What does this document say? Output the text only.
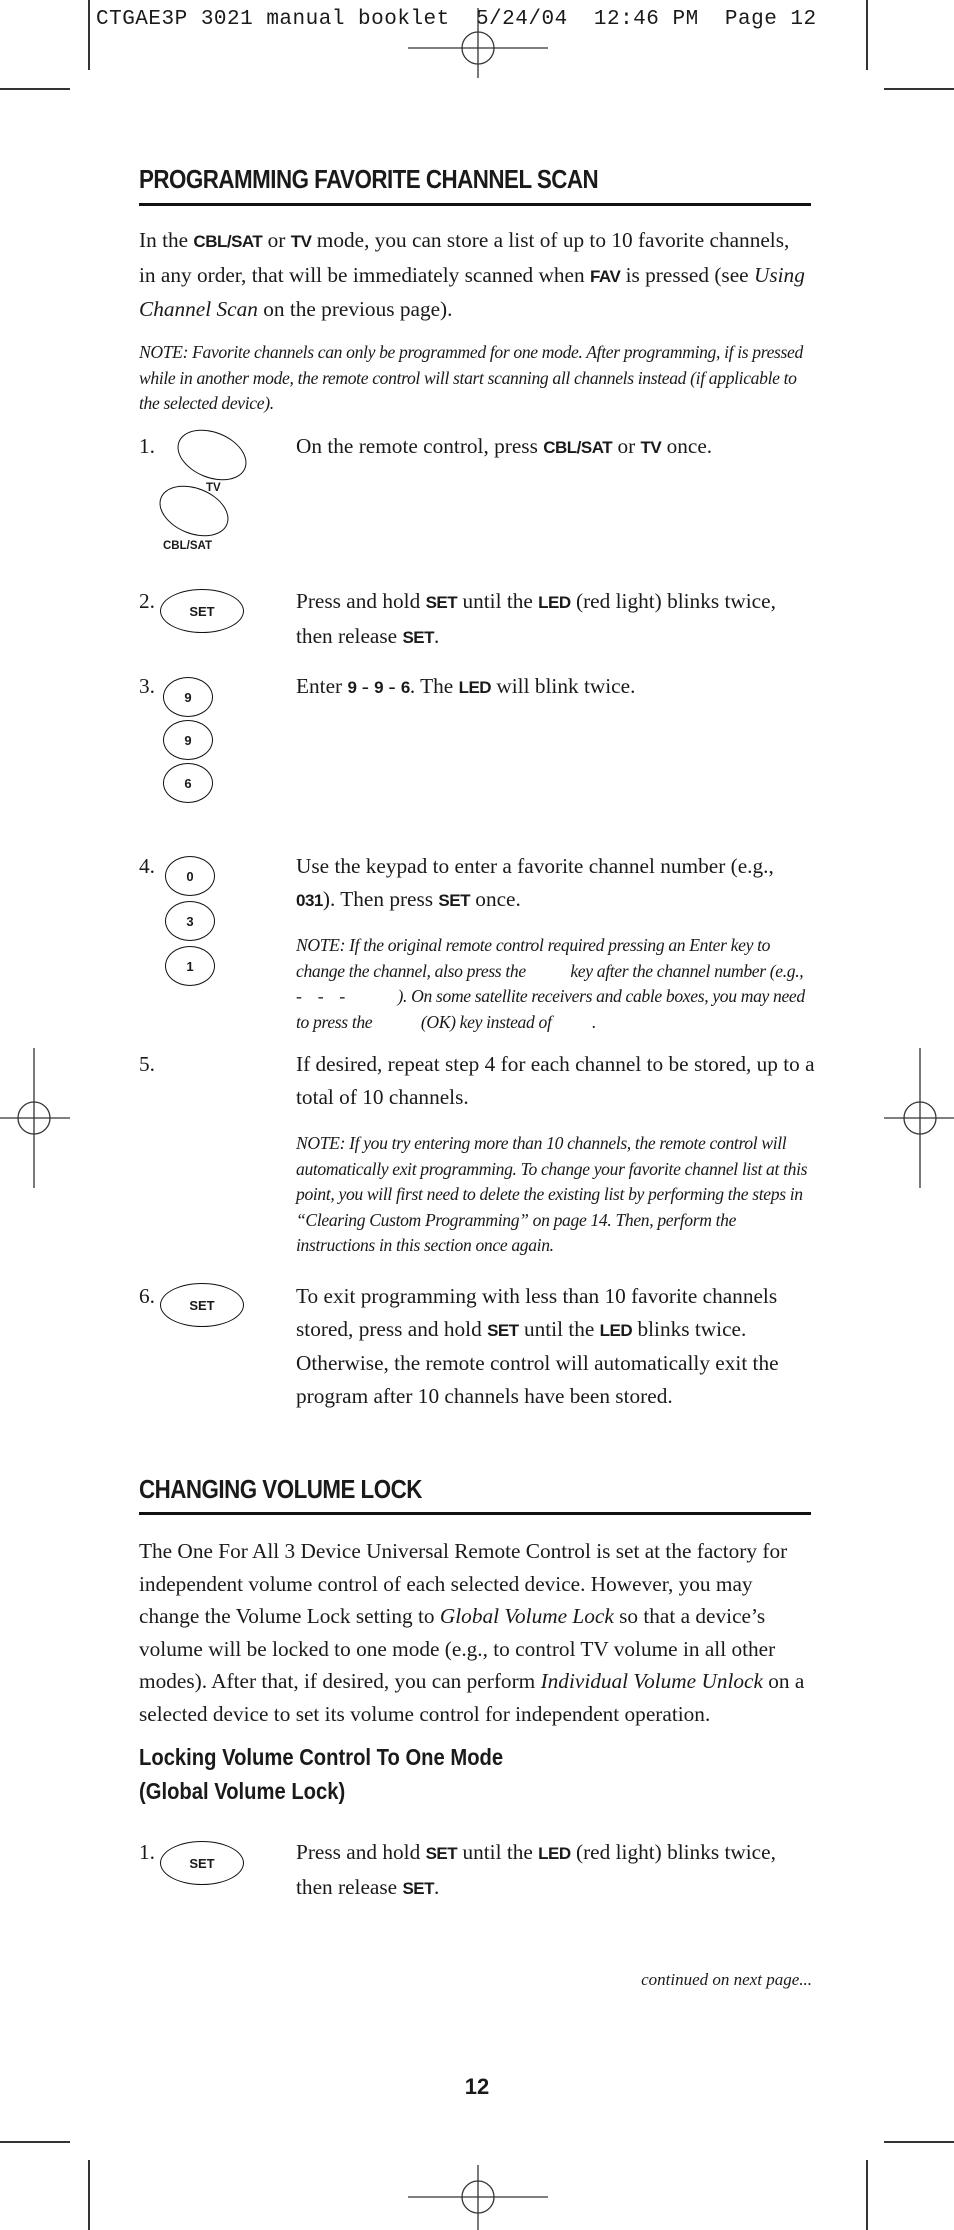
CTGAE3P 3021 manual booklet  5/24/04  12:46 PM  Page 12
PROGRAMMING FAVORITE CHANNEL SCAN
In the CBL/SAT or TV mode, you can store a list of up to 10 favorite channels, in any order, that will be immediately scanned when FAV is pressed (see Using Channel Scan on the previous page).
NOTE: Favorite channels can only be programmed for one mode. After programming, if is pressed while in another mode, the remote control will start scanning all channels instead (if applicable to the selected device).
1.
TV
CBL/SAT
On the remote control, press CBL/SAT or TV once.
2.	SET	Press and hold SET until the LED (red light) blinks twice, then release SET.
3.	9
9
6
Enter 9 - 9 - 6. The LED will blink twice.
4.	0
3
1
Use the keypad to enter a favorite channel number (e.g., 031). Then press SET once.
NOTE: If the original remote control required pressing an Enter key to change the channel, also press the           key after the channel number (e.g.,    -    -    -             ). On some satellite receivers and cable boxes, you may need to press the            (OK) key instead of          .
5.	If desired, repeat step 4 for each channel to be stored, up to a total of 10 channels.
NOTE: If you try entering more than 10 channels, the remote control will automatically exit programming. To change your favorite channel list at this point, you will first need to delete the existing list by performing the steps in “Clearing Custom Programming” on page 14. Then, perform the instructions in this section once again.
6.	SET	To exit programming with less than 10 favorite channels stored, press and hold SET until the LED blinks twice. Otherwise, the remote control will automatically exit the program after 10 channels have been stored.
CHANGING VOLUME LOCK
The One For All 3 Device Universal Remote Control is set at the factory for independent volume control of each selected device. However, you may change the Volume Lock setting to Global Volume Lock so that a device’s volume will be locked to one mode (e.g., to control TV volume in all other modes). After that, if desired, you can perform Individual Volume Unlock on a selected device to set its volume control for independent operation.
Locking Volume Control To One Mode
(Global Volume Lock)
1.	SET	Press and hold SET until the LED (red light) blinks twice, then release SET.
continued on next page...
12
